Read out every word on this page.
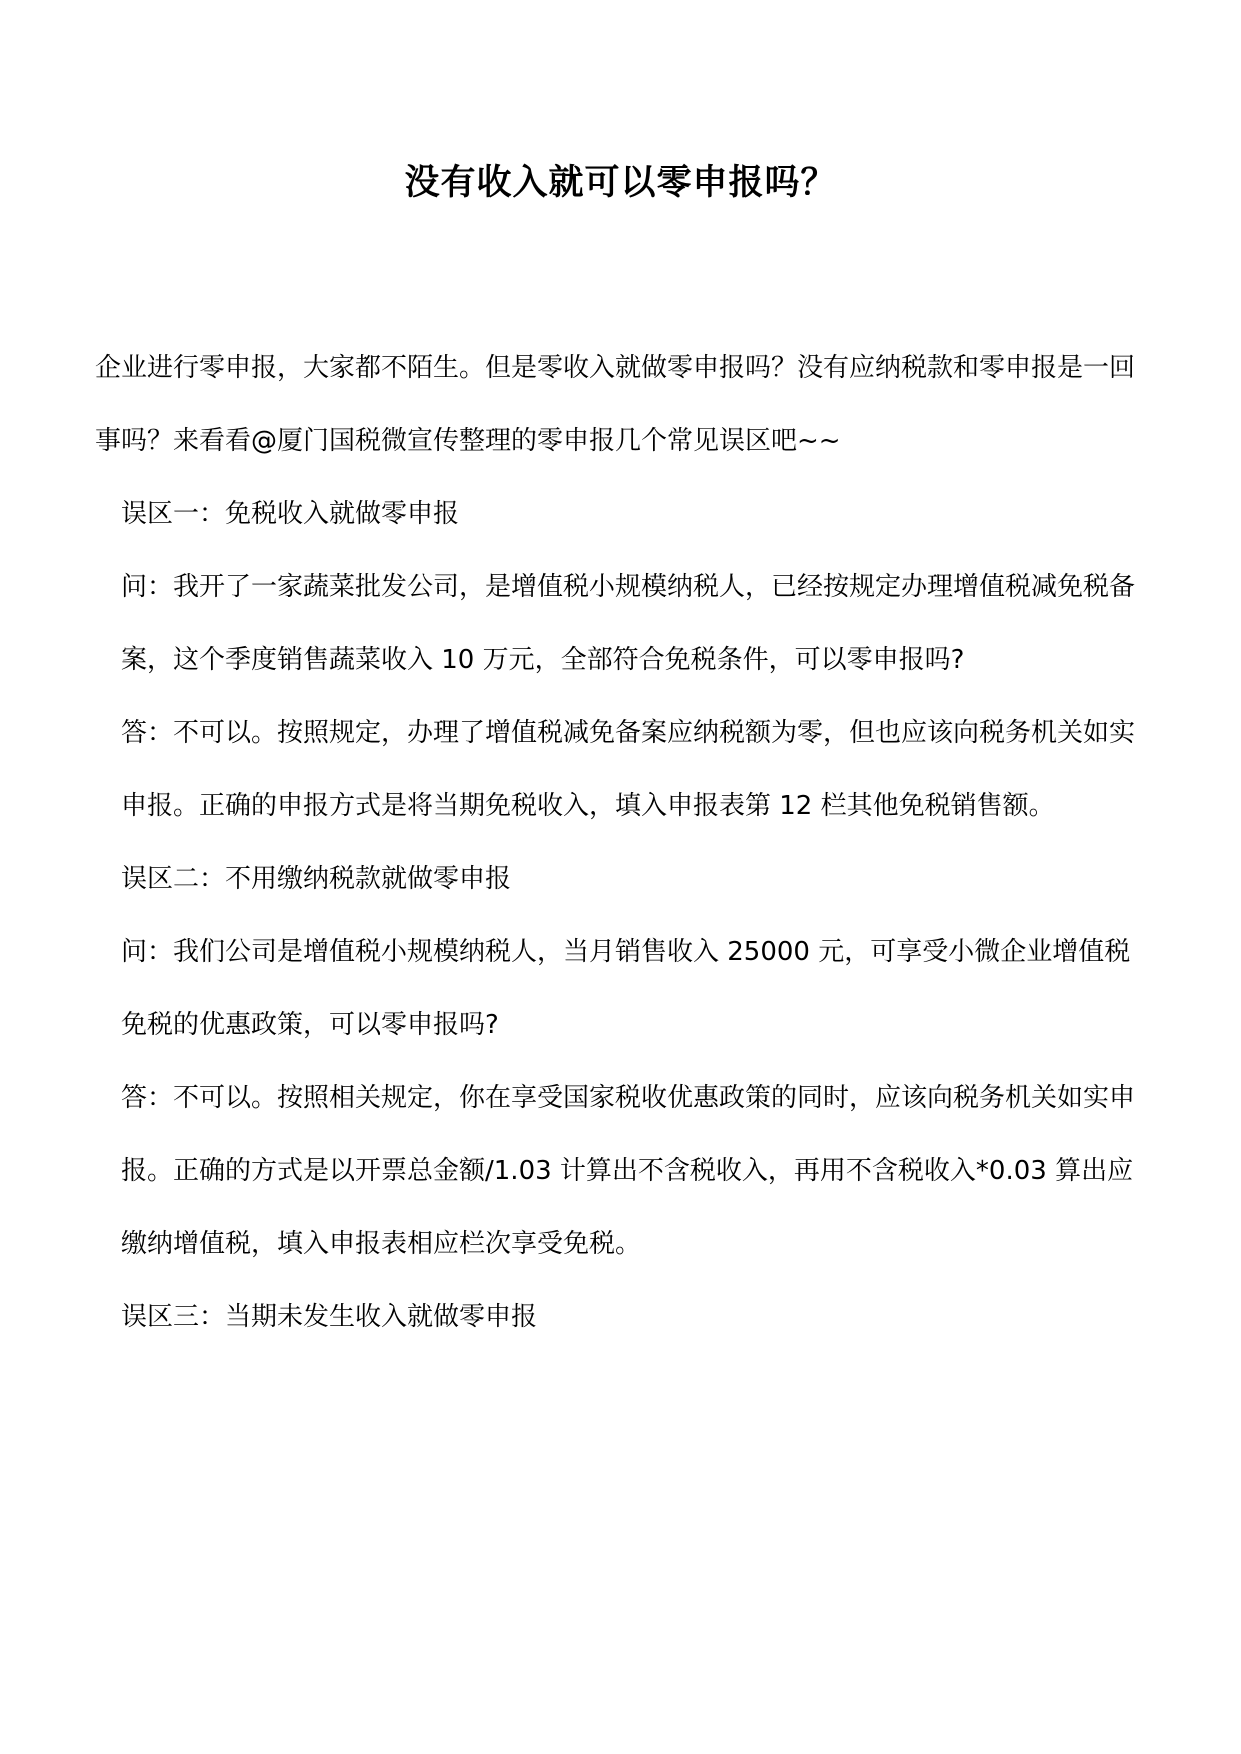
没有收入就可以零申报吗？

企业进行零申报，大家都不陌生。但是零收入就做零申报吗？没有应纳税款和零申报是一回事吗？来看看@厦门国税微宣传整理的零申报几个常见误区吧~~

误区一：免税收入就做零申报

问：我开了一家蔬菜批发公司，是增值税小规模纳税人，已经按规定办理增值税减免税备案，这个季度销售蔬菜收入 10 万元，全部符合免税条件，可以零申报吗?

答：不可以。按照规定，办理了增值税减免备案应纳税额为零，但也应该向税务机关如实申报。正确的申报方式是将当期免税收入，填入申报表第 12 栏其他免税销售额。

误区二：不用缴纳税款就做零申报

问：我们公司是增值税小规模纳税人，当月销售收入 25000 元，可享受小微企业增值税免税的优惠政策，可以零申报吗?

答：不可以。按照相关规定，你在享受国家税收优惠政策的同时，应该向税务机关如实申报。正确的方式是以开票总金额/1.03 计算出不含税收入，再用不含税收入*0.03 算出应缴纳增值税，填入申报表相应栏次享受免税。

误区三：当期未发生收入就做零申报
